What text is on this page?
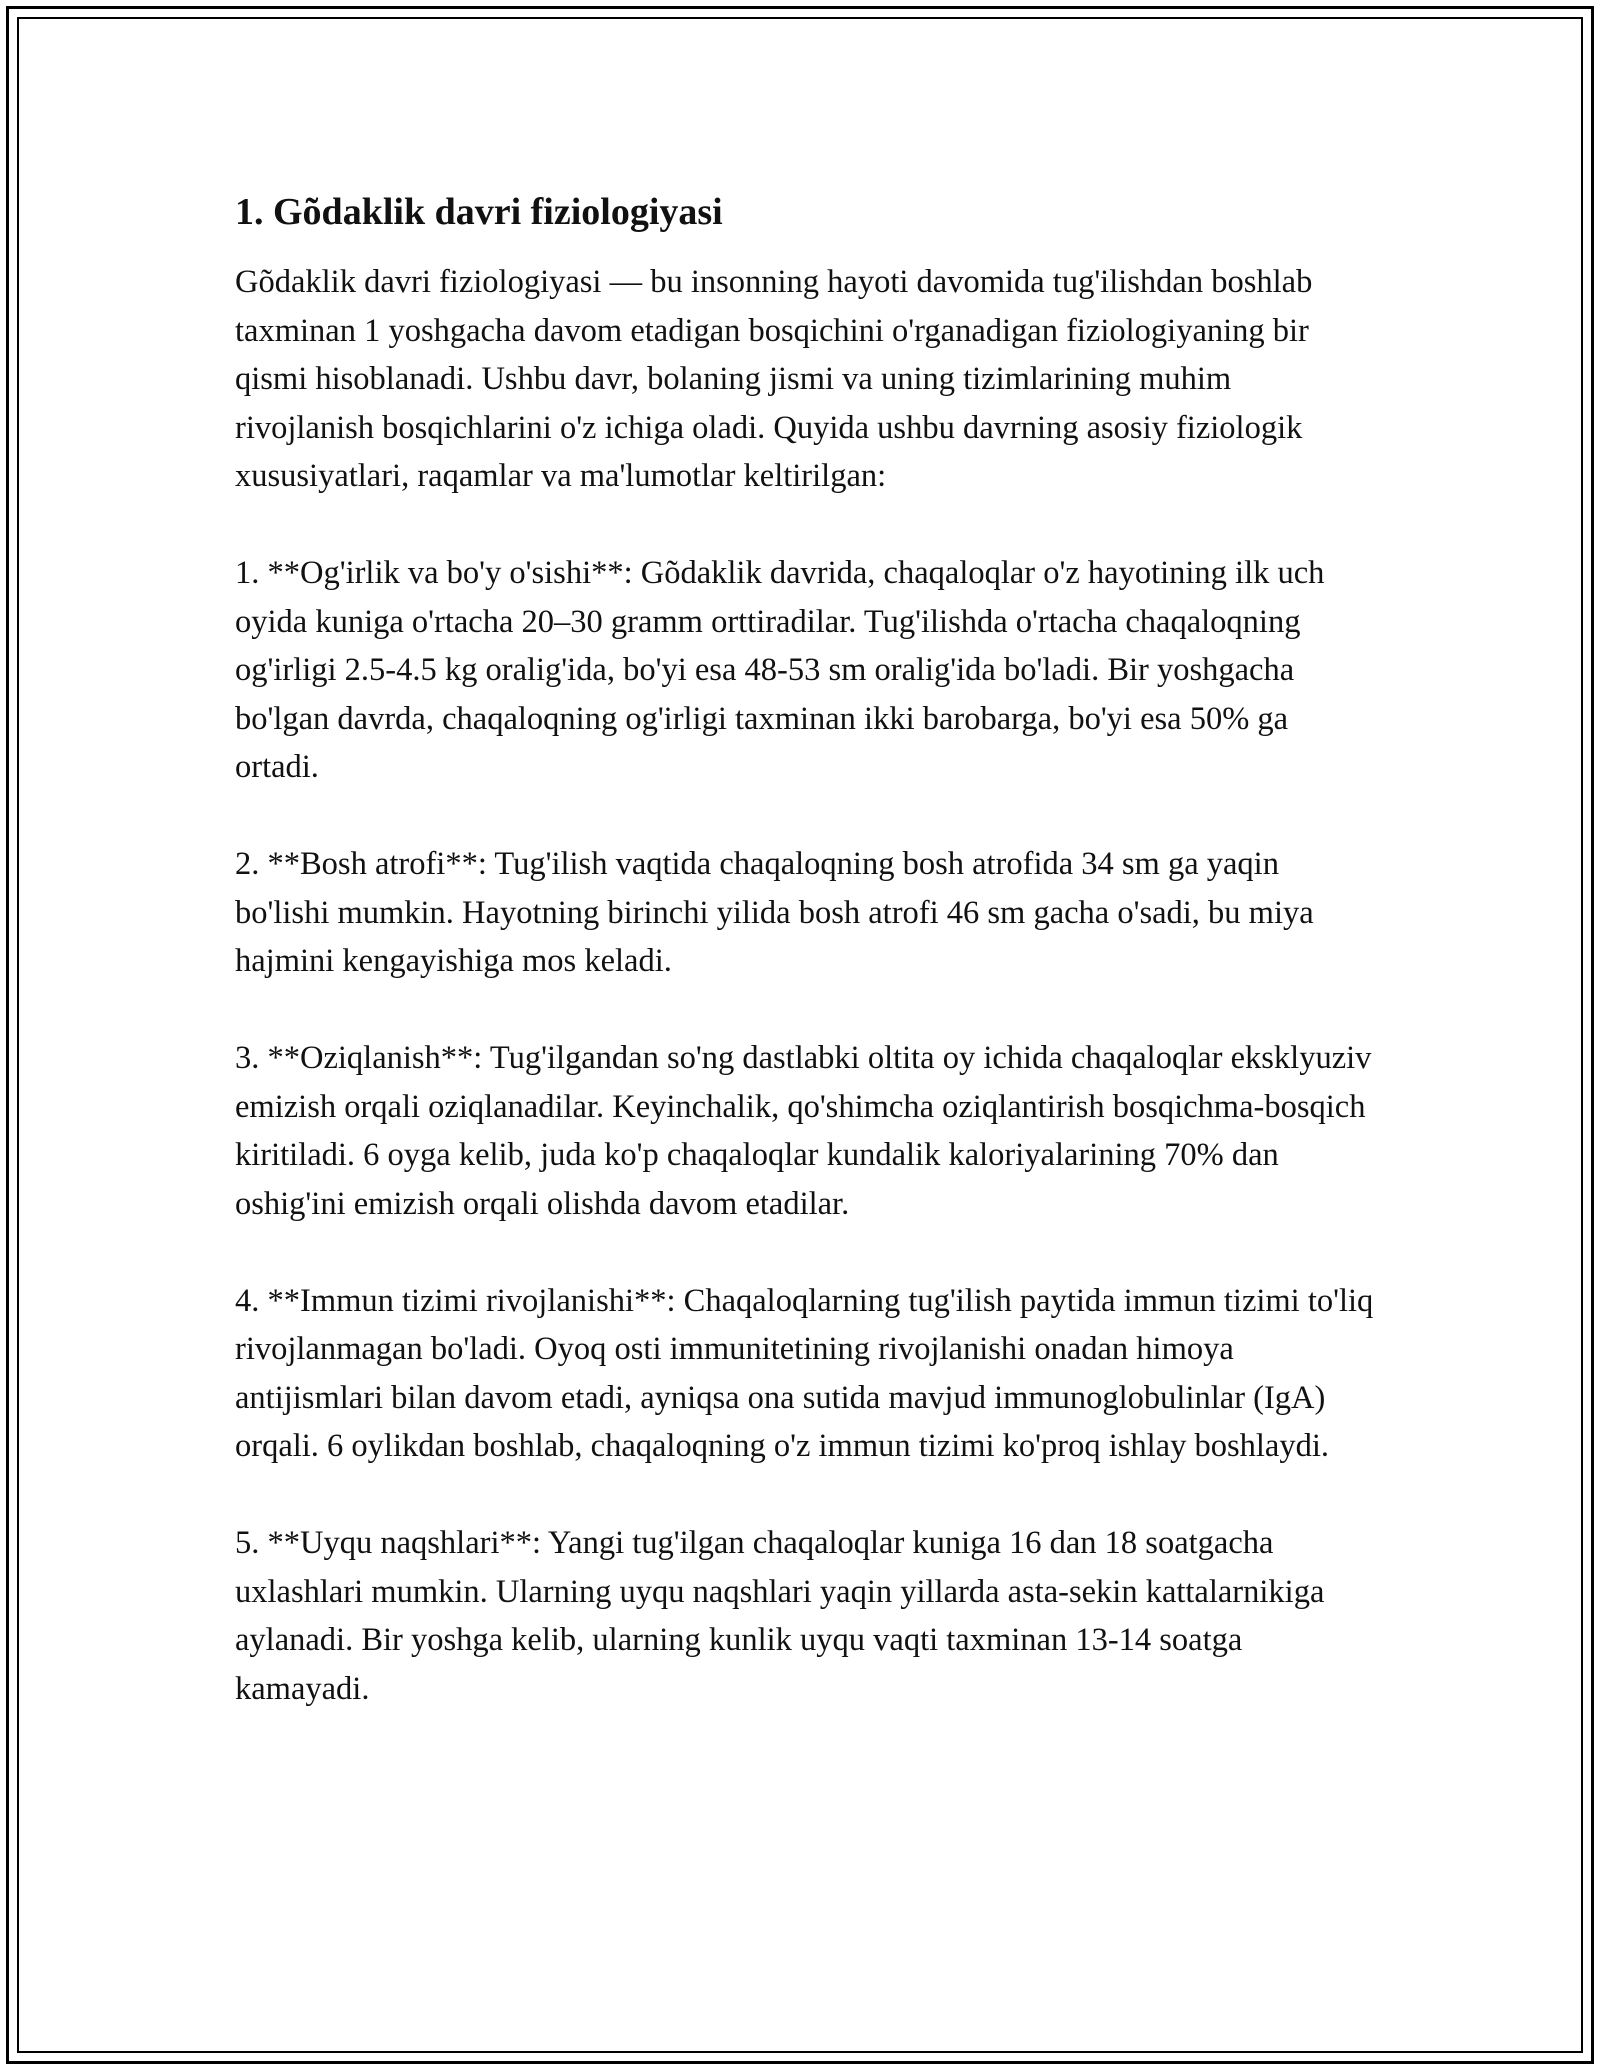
1. Gõdaklik davri fiziologiyasi

Gõdaklik davri fiziologiyasi — bu insonning hayoti davomida tug'ilishdan boshlab taxminan 1 yoshgacha davom etadigan bosqichini o'rganadigan fiziologiyaning bir qismi hisoblanadi. Ushbu davr, bolaning jismi va uning tizimlarining muhim rivojlanish bosqichlarini o'z ichiga oladi. Quyida ushbu davrning asosiy fiziologik xususiyatlari, raqamlar va ma'lumotlar keltirilgan:

1. **Og'irlik va bo'y o'sishi**: Gõdaklik davrida, chaqaloqlar o'z hayotining ilk uch oyida kuniga o'rtacha 20–30 gramm orttiradilar. Tug'ilishda o'rtacha chaqaloqning og'irligi 2.5-4.5 kg oralig'ida, bo'yi esa 48-53 sm oralig'ida bo'ladi. Bir yoshgacha bo'lgan davrda, chaqaloqning og'irligi taxminan ikki barobarga, bo'yi esa 50% ga ortadi.

2. **Bosh atrofi**: Tug'ilish vaqtida chaqaloqning bosh atrofida 34 sm ga yaqin bo'lishi mumkin. Hayotning birinchi yilida bosh atrofi 46 sm gacha o'sadi, bu miya hajmini kengayishiga mos keladi.

3. **Oziqlanish**: Tug'ilgandan so'ng dastlabki oltita oy ichida chaqaloqlar eksklyuziv emizish orqali oziqlanadilar. Keyinchalik, qo'shimcha oziqlantirish bosqichma-bosqich kiritiladi. 6 oyga kelib, juda ko'p chaqaloqlar kundalik kaloriyalarining 70% dan oshig'ini emizish orqali olishda davom etadilar.

4. **Immun tizimi rivojlanishi**: Chaqaloqlarning tug'ilish paytida immun tizimi to'liq rivojlanmagan bo'ladi. Oyoq osti immunitetining rivojlanishi onadan himoya antijismlari bilan davom etadi, ayniqsa ona sutida mavjud immunoglobulinlar (IgA) orqali. 6 oylikdan boshlab, chaqaloqning o'z immun tizimi ko'proq ishlay boshlaydi.

5. **Uyqu naqshlari**: Yangi tug'ilgan chaqaloqlar kuniga 16 dan 18 soatgacha uxlashlari mumkin. Ularning uyqu naqshlari yaqin yillarda asta-sekin kattalarnikiga aylanadi. Bir yoshga kelib, ularning kunlik uyqu vaqti taxminan 13-14 soatga kamayadi.
